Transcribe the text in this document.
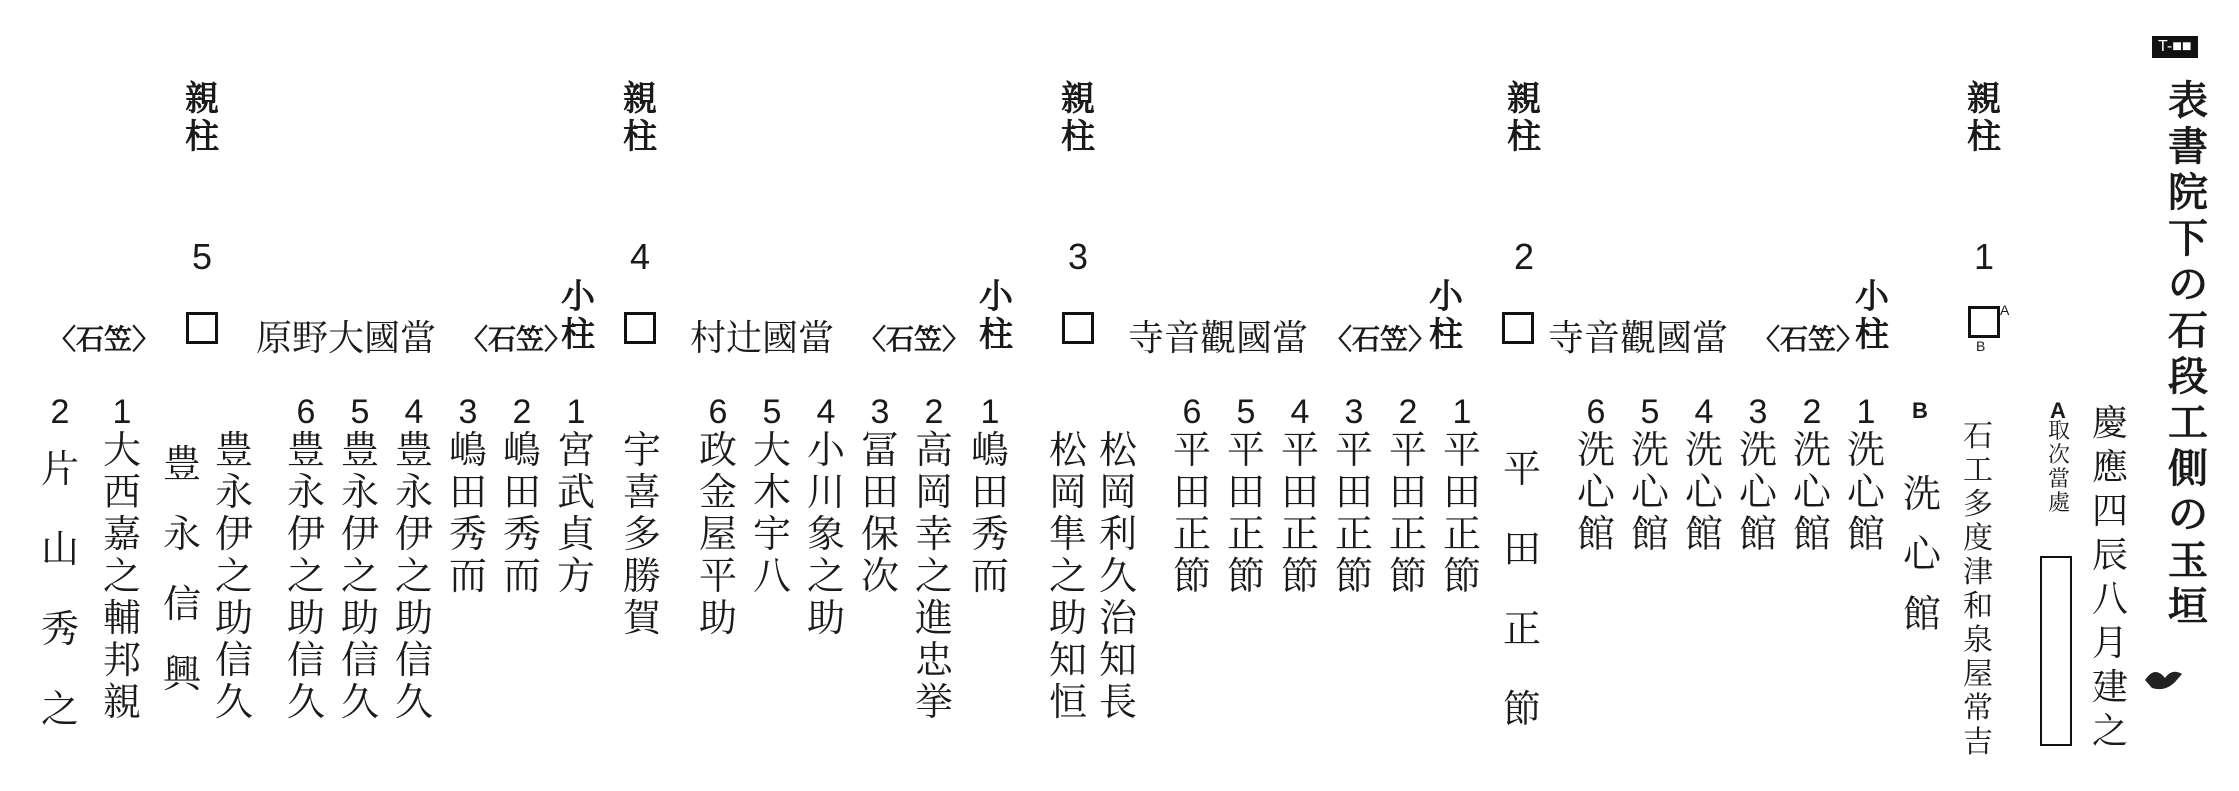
T-■■
表書院下の石段工側の玉垣
慶應四辰八月建之
A
取次當處
石工多度津和泉屋常吉
親柱
1
親柱
2
親柱
3
親柱
4
親柱
5
A
B
小柱
〈石笠〉
寺音觀國當
小柱
〈石笠〉
寺音觀國當
小柱
〈石笠〉
村辻國當
小柱
〈石笠〉
原野大國當
〈石笠〉
B
洗心館
1
洗心館
2
洗心館
3
洗心館
4
洗心館
5
洗心館
6
洗心館
平田正節
1
平田正節
2
平田正節
3
平田正節
4
平田正節
5
平田正節
6
平田正節
松岡利久治知長
松岡隼之助知恒
1
嶋田秀而
2
高岡幸之進忠挙
3
冨田保次
4
小川象之助
5
大木宇八
6
政金屋平助
宇喜多勝賀
1
宮武貞方
2
嶋田秀而
3
嶋田秀而
4
豊永伊之助信久
5
豊永伊之助信久
6
豊永伊之助信久
豊永伊之助信久
豊永信興
1
大西嘉之輔邦親
2
片山秀之
